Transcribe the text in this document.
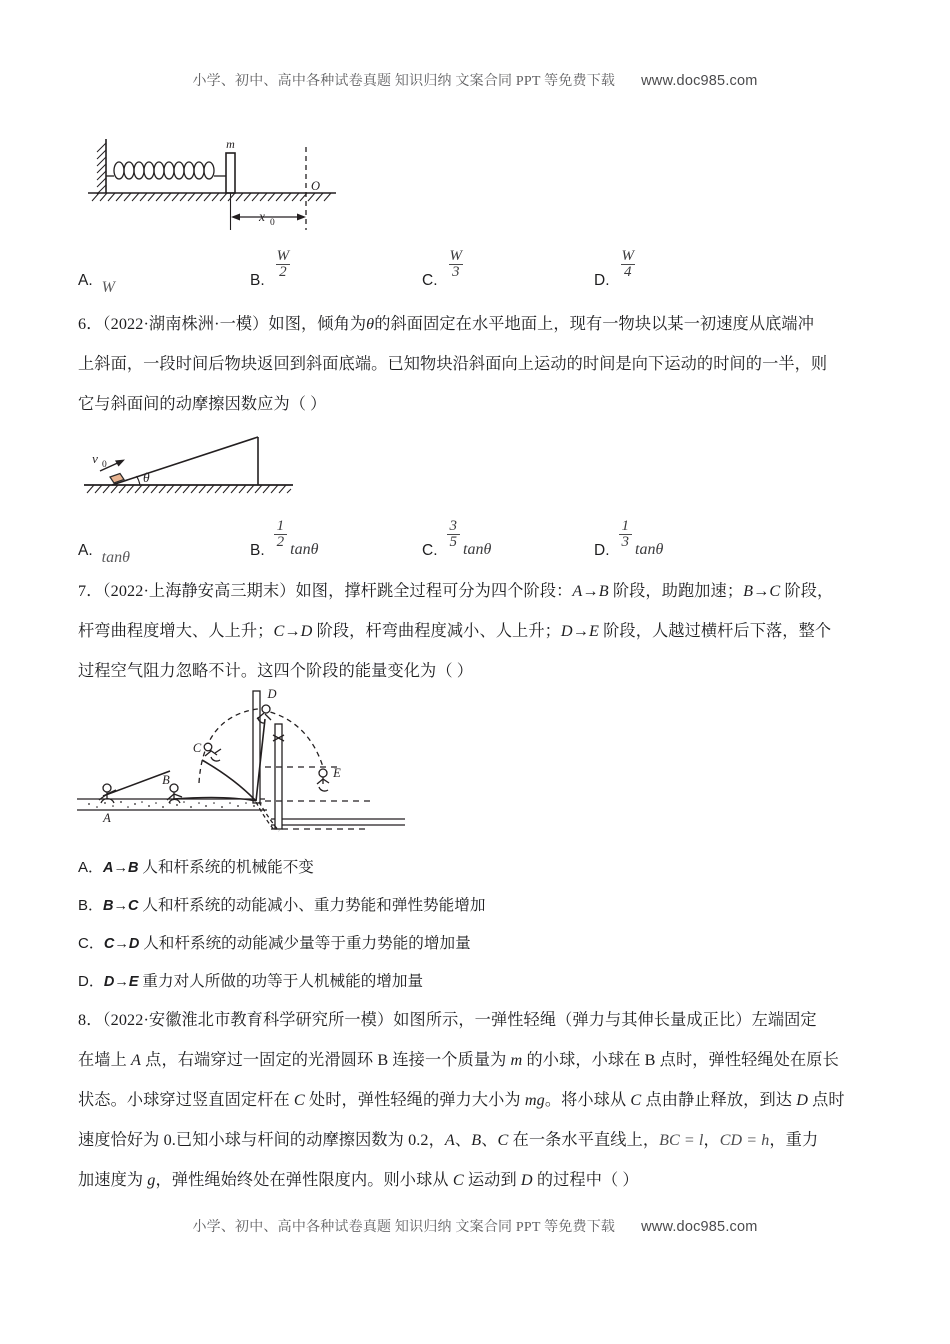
小学、初中、高中各种试卷真题 知识归纳 文案合同 PPT 等免费下载 www.doc985.com
m
O
x 0
A. W	B. $\frac{W}{2}$	C. $\frac{W}{3}$	D. $\frac{W}{4}$
6．（2022·湖南株洲·一模）如图，倾角为θ的斜面固定在水平地面上，现有一物块以某一初速度从底端冲
上斜面，一段时间后物块返回到斜面底端。已知物块沿斜面向上运动的时间是向下运动的时间的一半，则
它与斜面间的动摩擦因数应为（ ）
v 0
θ
A. tanθ	B. $\frac{1}{2}$ tanθ	C. $\frac{3}{5}$ tanθ	D. $\frac{1}{3}$ tanθ
7．（2022·上海静安高三期末）如图，撑杆跳全过程可分为四个阶段：A→B 阶段，助跑加速；B→C 阶段，
杆弯曲程度增大、人上升；C→D 阶段，杆弯曲程度减小、人上升；D→E 阶段，人越过横杆后下落，整个
过程空气阻力忽略不计。这四个阶段的能量变化为（ ）
A
B
C
D
E
A．A→B 人和杆系统的机械能不变
B．B→C 人和杆系统的动能减小、重力势能和弹性势能增加
C．C→D 人和杆系统的动能减少量等于重力势能的增加量
D．D→E 重力对人所做的功等于人机械能的增加量
8．（2022·安徽淮北市教育科学研究所一模）如图所示，一弹性轻绳（弹力与其伸长量成正比）左端固定
在墙上 A 点，右端穿过一固定的光滑圆环 B 连接一个质量为 m 的小球，小球在 B 点时，弹性轻绳处在原长
状态。小球穿过竖直固定杆在 C 处时，弹性轻绳的弹力大小为 mg。将小球从 C 点由静止释放，到达 D 点时
速度恰好为 0.已知小球与杆间的动摩擦因数为 0.2，A、B、C 在一条水平直线上，BC = l，CD = h，重力
加速度为 g，弹性绳始终处在弹性限度内。则小球从 C 运动到 D 的过程中（ ）
小学、初中、高中各种试卷真题 知识归纳 文案合同 PPT 等免费下载 www.doc985.com
